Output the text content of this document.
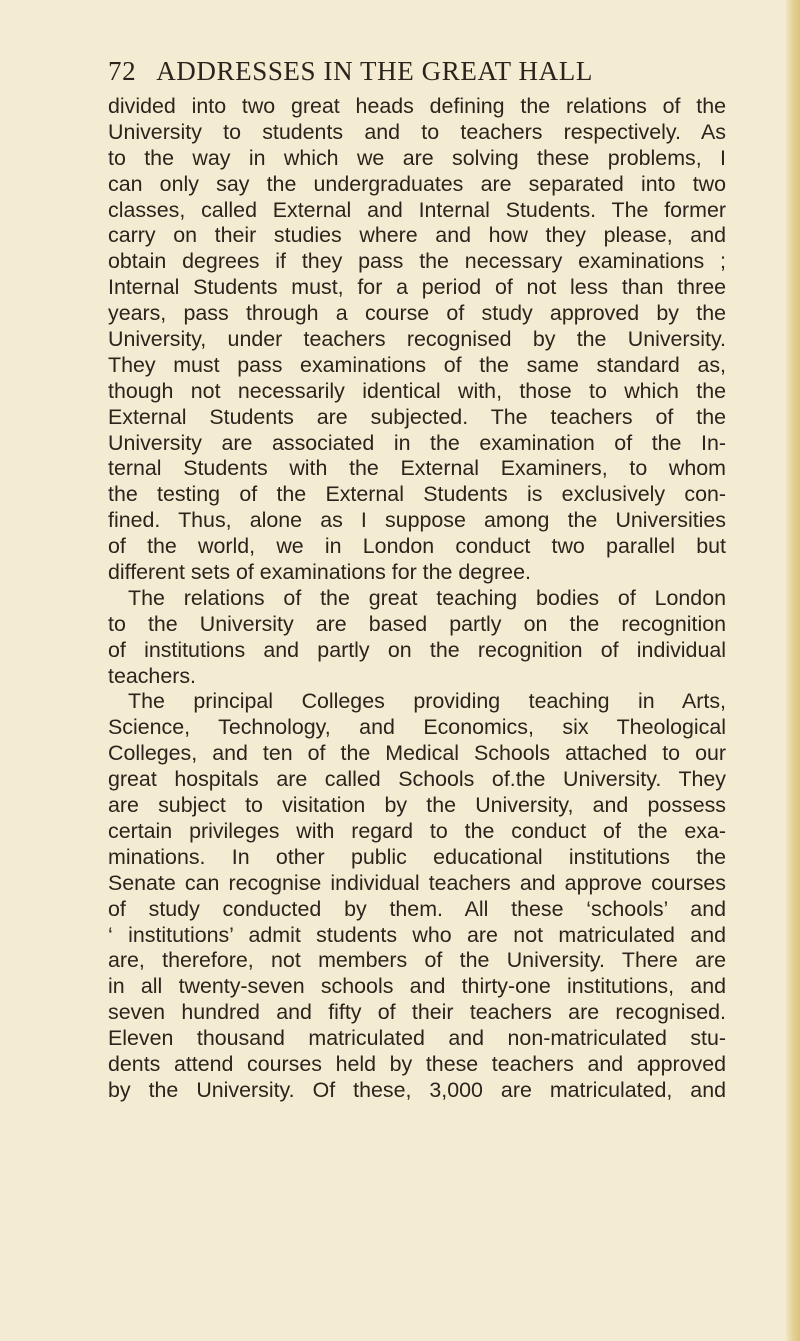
72 ADDRESSES IN THE GREAT HALL
divided into two great heads defining the relations of the
University to students and to teachers respectively. As
to the way in which we are solving these problems, I
can only say the undergraduates are separated into two
classes, called External and Internal Students. The former
carry on their studies where and how they please, and
obtain degrees if they pass the necessary examinations ;
Internal Students must, for a period of not less than three
years, pass through a course of study approved by the
University, under teachers recognised by the University.
They must pass examinations of the same standard as,
though not necessarily identical with, those to which the
External Students are subjected. The teachers of the
University are associated in the examination of the In-
ternal Students with the External Examiners, to whom
the testing of the External Students is exclusively con-
fined. Thus, alone as I suppose among the Universities
of the world, we in London conduct two parallel but
different sets of examinations for the degree.
The relations of the great teaching bodies of London
to the University are based partly on the recognition
of institutions and partly on the recognition of individual
teachers.
The principal Colleges providing teaching in Arts,
Science, Technology, and Economics, six Theological
Colleges, and ten of the Medical Schools attached to our
great hospitals are called Schools of.the University. They
are subject to visitation by the University, and possess
certain privileges with regard to the conduct of the exa-
minations. In other public educational institutions the
Senate can recognise individual teachers and approve courses
of study conducted by them. All these ‘schools’ and
‘ institutions’ admit students who are not matriculated and
are, therefore, not members of the University. There are
in all twenty-seven schools and thirty-one institutions, and
seven hundred and fifty of their teachers are recognised.
Eleven thousand matriculated and non-matriculated stu-
dents attend courses held by these teachers and approved
by the University. Of these, 3,000 are matriculated, and
